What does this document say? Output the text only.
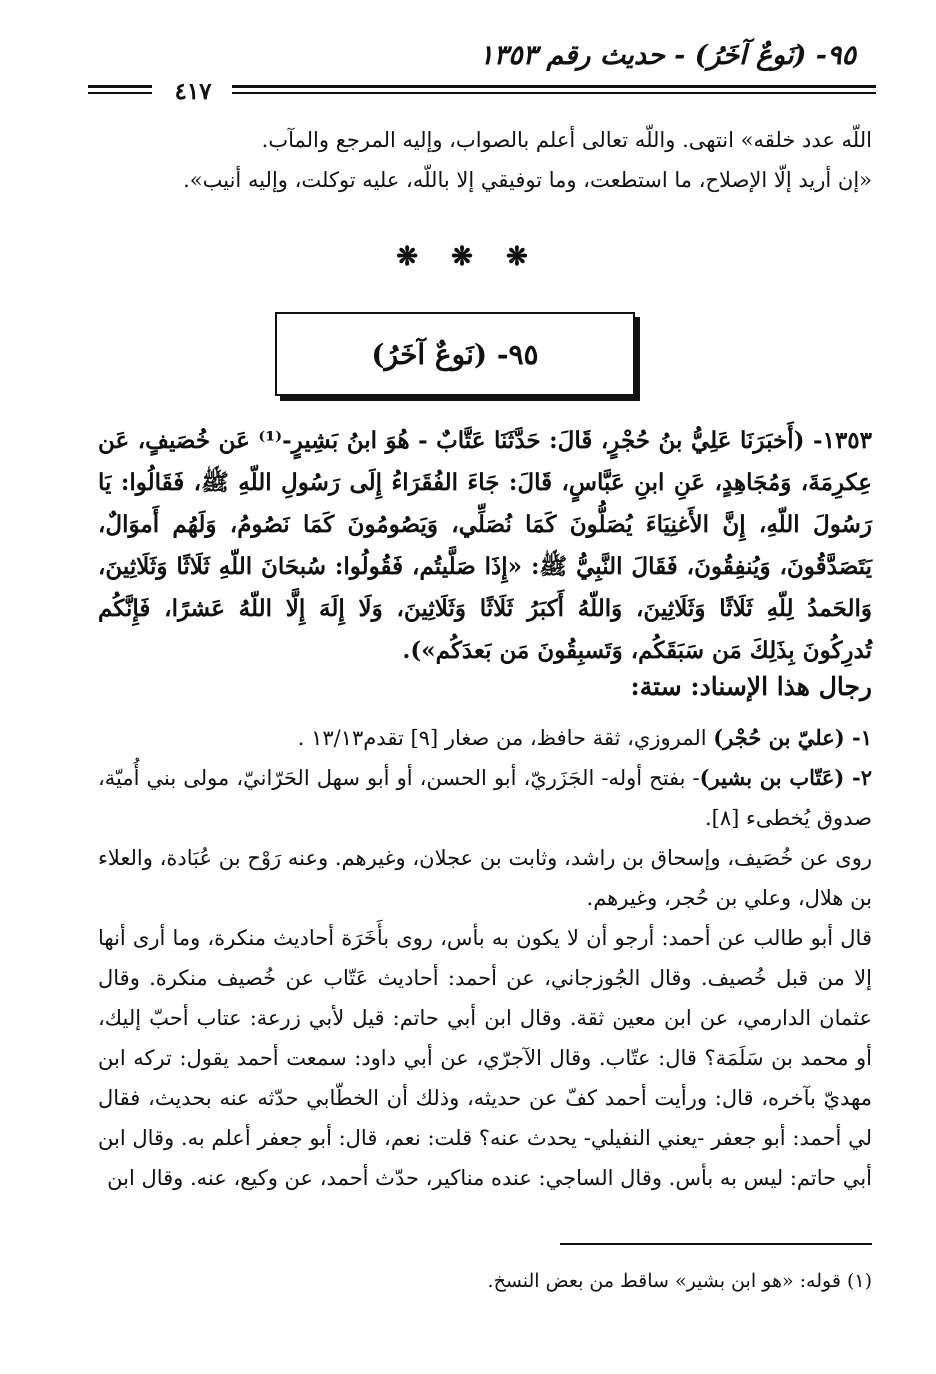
٩٥- (نَوعٌ آخَرُ) - حديث رقم ١٣٥٣
٤١٧

اللّه عدد خلقه» انتهى. واللّه تعالى أعلم بالصواب، وإليه المرجع والمآب.

«إن أريد إلّا الإصلاح، ما استطعت، وما توفيقي إلا باللّه، عليه توكلت، وإليه أنيب».

❋ ❋ ❋
٩٥- (نَوعٌ آخَرُ)
١٣٥٣- (أَخبَرَنَا عَلِيُّ بنُ حُجْرٍ، قَالَ: حَدَّثَنَا عَتَّابٌ - هُوَ ابنُ بَشِيرٍ-⁽¹⁾ عَن خُصَيفٍ، عَن عِكرِمَةَ، وَمُجَاهِدٍ، عَنِ ابنِ عَبَّاسٍ، قَالَ: جَاءَ الفُقَرَاءُ إِلَى رَسُولِ اللّهِ ﷺ، فَقَالُوا: يَا رَسُولَ اللّهِ، إِنَّ الأَغنِيَاءَ يُصَلُّونَ كَمَا نُصَلِّي، وَيَصُومُونَ كَمَا نَصُومُ، وَلَهُم أَموَالٌ، يَتَصَدَّقُونَ، وَيُنفِقُونَ، فَقَالَ النَّبِيُّ ﷺ: «إِذَا صَلَّيتُم، فَقُولُوا: سُبحَانَ اللّهِ ثَلَاثًا وَثَلَاثِينَ، وَالحَمدُ لِلّهِ ثَلَاثًا وَثَلَاثِينَ، وَاللّهُ أَكبَرُ ثَلَاثًا وَثَلَاثِينَ، وَلَا إِلَهَ إِلَّا اللّهُ عَشرًا، فَإِنَّكُم تُدرِكُونَ بِذَلِكَ مَن سَبَقَكُم، وَتَسبِقُونَ مَن بَعدَكُم»).
رجال هذا الإسناد: ستة:

١- (عليّ بن حُجْر) المروزي، ثقة حافظ، من صغار [٩] تقدم١٣/١٣ .

٢- (عَتّاب بن بشير)- بفتح أوله- الجَزَريّ، أبو الحسن، أو أبو سهل الحَرّانيّ، مولى بني أُميّة، صدوق يُخطىء [٨].

روى عن خُصَيف، وإسحاق بن راشد، وثابت بن عجلان، وغيرهم. وعنه رَوْح بن عُبَادة، والعلاء بن هلال، وعلي بن حُجر، وغيرهم.

قال أبو طالب عن أحمد: أرجو أن لا يكون به بأس، روى بأَخَرَة أحاديث منكرة، وما أرى أنها إلا من قبل خُصيف. وقال الجُوزجاني، عن أحمد: أحاديث عَتّاب عن خُصيف منكرة. وقال عثمان الدارمي، عن ابن معين ثقة. وقال ابن أبي حاتم: قيل لأبي زرعة: عتاب أحبّ إليك، أو محمد بن سَلَمَة؟ قال: عتّاب. وقال الآجرّي، عن أبي داود: سمعت أحمد يقول: تركه ابن مهديّ بآخره، قال: ورأيت أحمد كفّ عن حديثه، وذلك أن الخطّابي حدّثه عنه بحديث، فقال لي أحمد: أبو جعفر -يعني النفيلي- يحدث عنه؟ قلت: نعم، قال: أبو جعفر أعلم به. وقال ابن أبي حاتم: ليس به بأس. وقال الساجي: عنده مناكير، حدّث أحمد، عن وكيع، عنه. وقال ابن

(١) قوله: «هو ابن بشير» ساقط من بعض النسخ.
